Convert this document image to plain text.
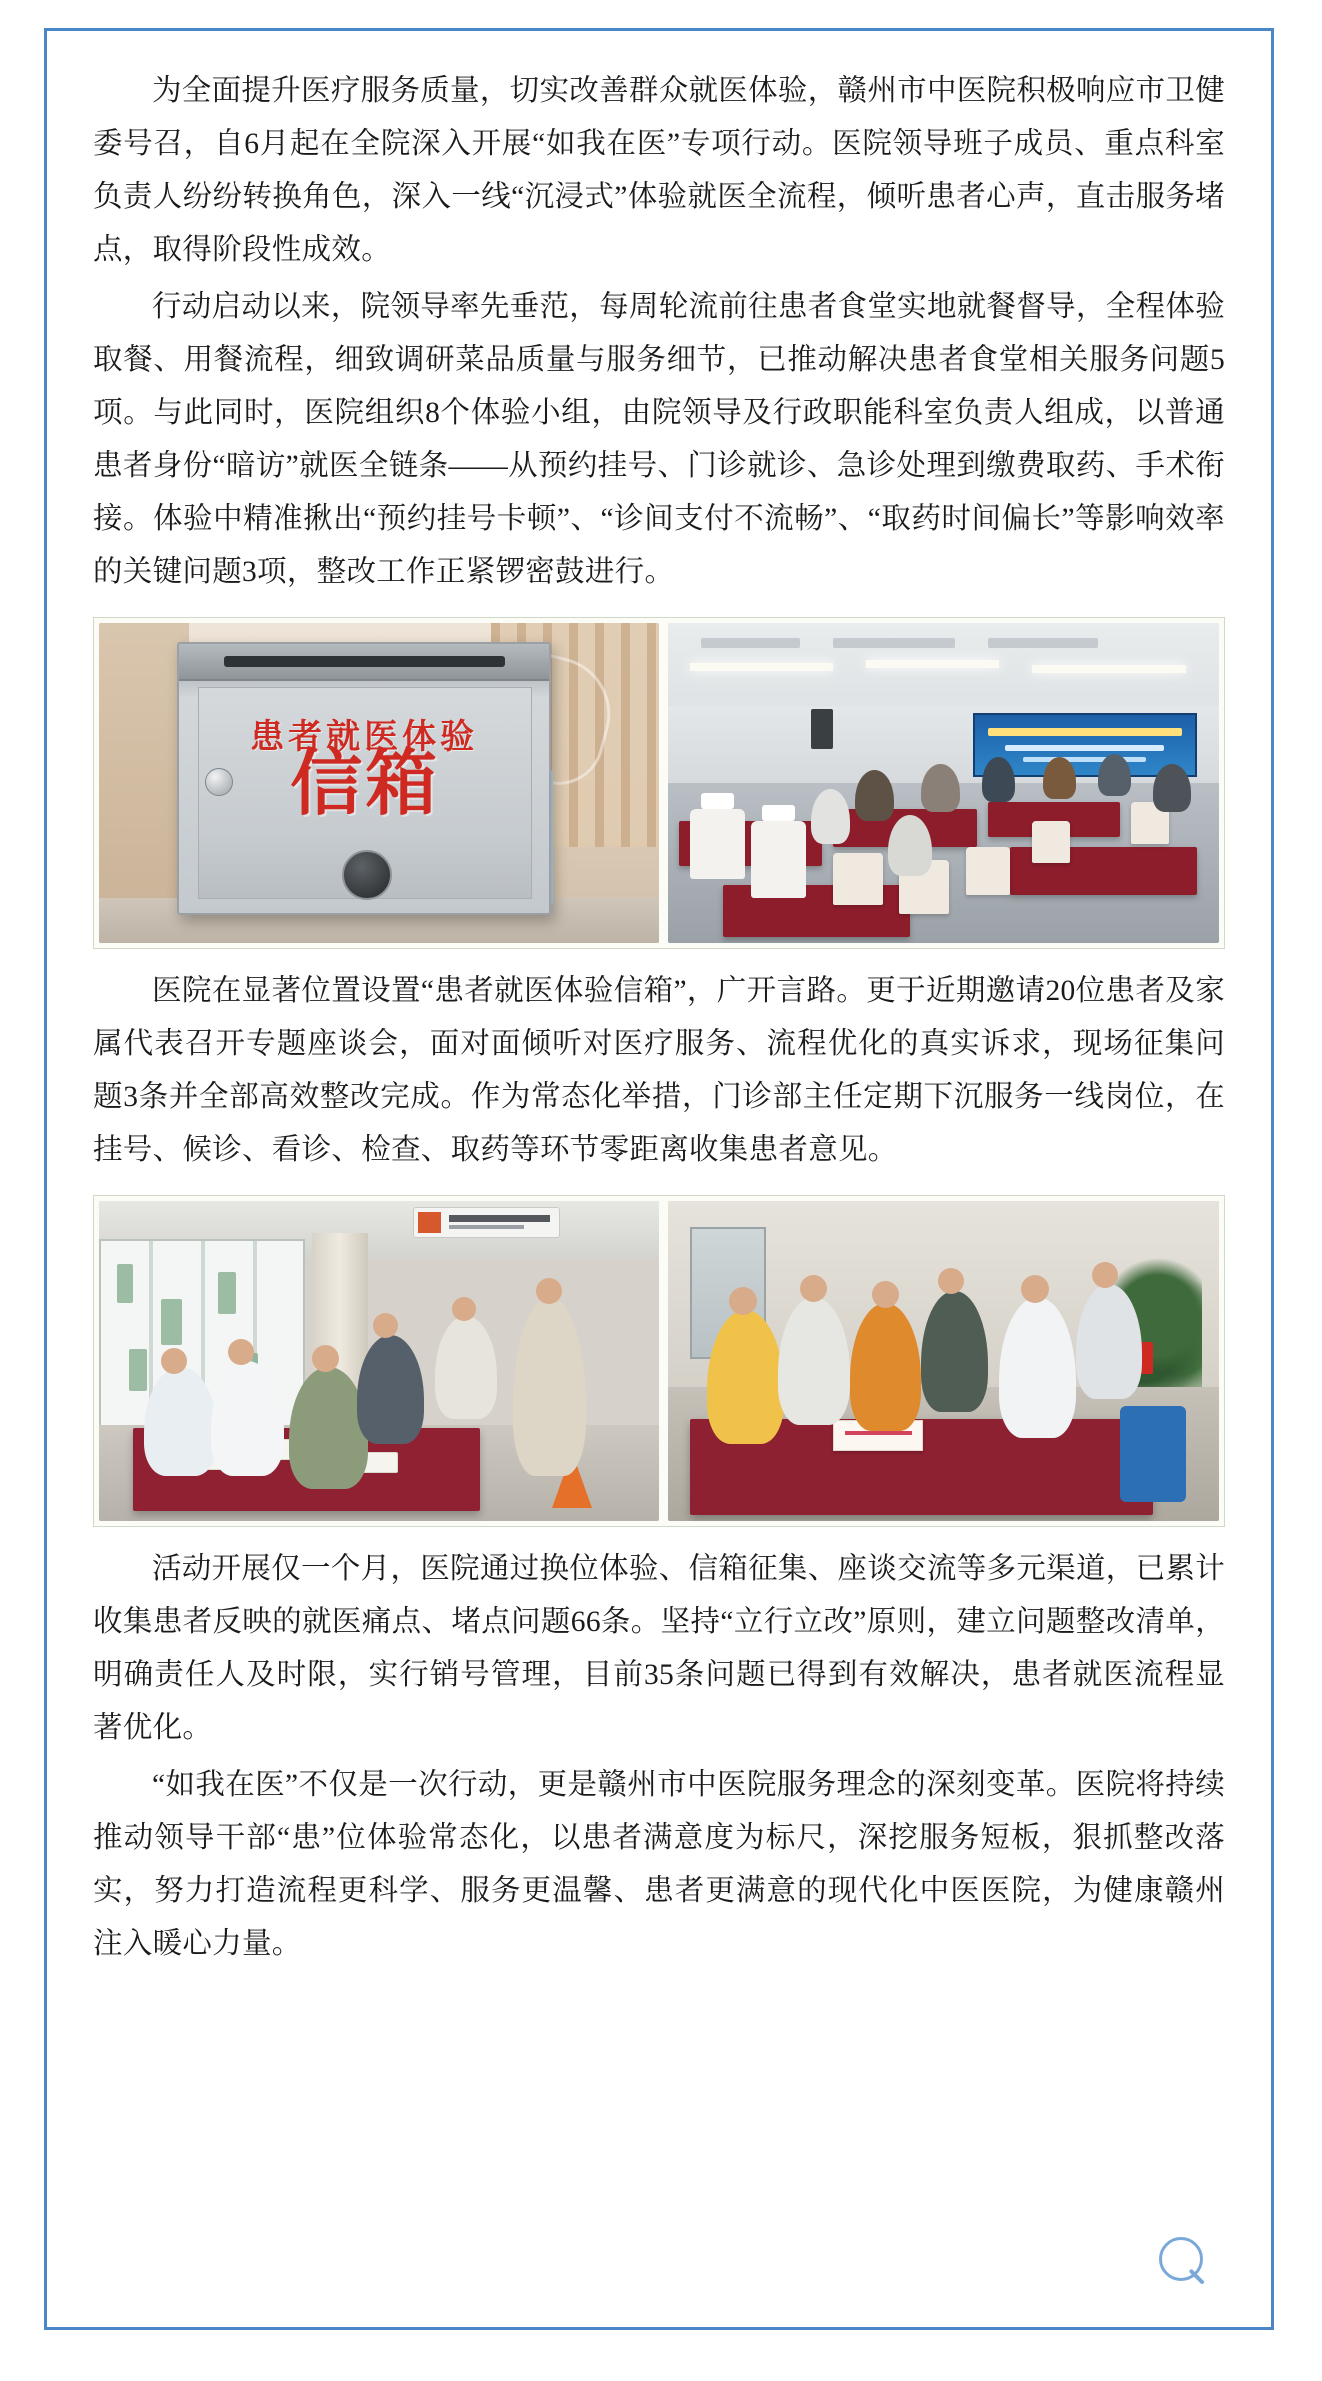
为全面提升医疗服务质量，切实改善群众就医体验，赣州市中医院积极响应市卫健委号召，自6月起在全院深入开展“如我在医”专项行动。医院领导班子成员、重点科室负责人纷纷转换角色，深入一线“沉浸式”体验就医全流程，倾听患者心声，直击服务堵点，取得阶段性成效。

行动启动以来，院领导率先垂范，每周轮流前往患者食堂实地就餐督导，全程体验取餐、用餐流程，细致调研菜品质量与服务细节，已推动解决患者食堂相关服务问题5项。与此同时，医院组织8个体验小组，由院领导及行政职能科室负责人组成，以普通患者身份“暗访”就医全链条——从预约挂号、门诊就诊、急诊处理到缴费取药、手术衔接。体验中精准揪出“预约挂号卡顿”、“诊间支付不流畅”、“取药时间偏长”等影响效率的关键问题3项，整改工作正紧锣密鼓进行。

患者就医体验
信箱

医院在显著位置设置“患者就医体验信箱”，广开言路。更于近期邀请20位患者及家属代表召开专题座谈会，面对面倾听对医疗服务、流程优化的真实诉求，现场征集问题3条并全部高效整改完成。作为常态化举措，门诊部主任定期下沉服务一线岗位，在挂号、候诊、看诊、检查、取药等环节零距离收集患者意见。

活动开展仅一个月，医院通过换位体验、信箱征集、座谈交流等多元渠道，已累计收集患者反映的就医痛点、堵点问题66条。坚持“立行立改”原则，建立问题整改清单，明确责任人及时限，实行销号管理，目前35条问题已得到有效解决，患者就医流程显著优化。

“如我在医”不仅是一次行动，更是赣州市中医院服务理念的深刻变革。医院将持续推动领导干部“患”位体验常态化，以患者满意度为标尺，深挖服务短板，狠抓整改落实，努力打造流程更科学、服务更温馨、患者更满意的现代化中医医院，为健康赣州注入暖心力量。
